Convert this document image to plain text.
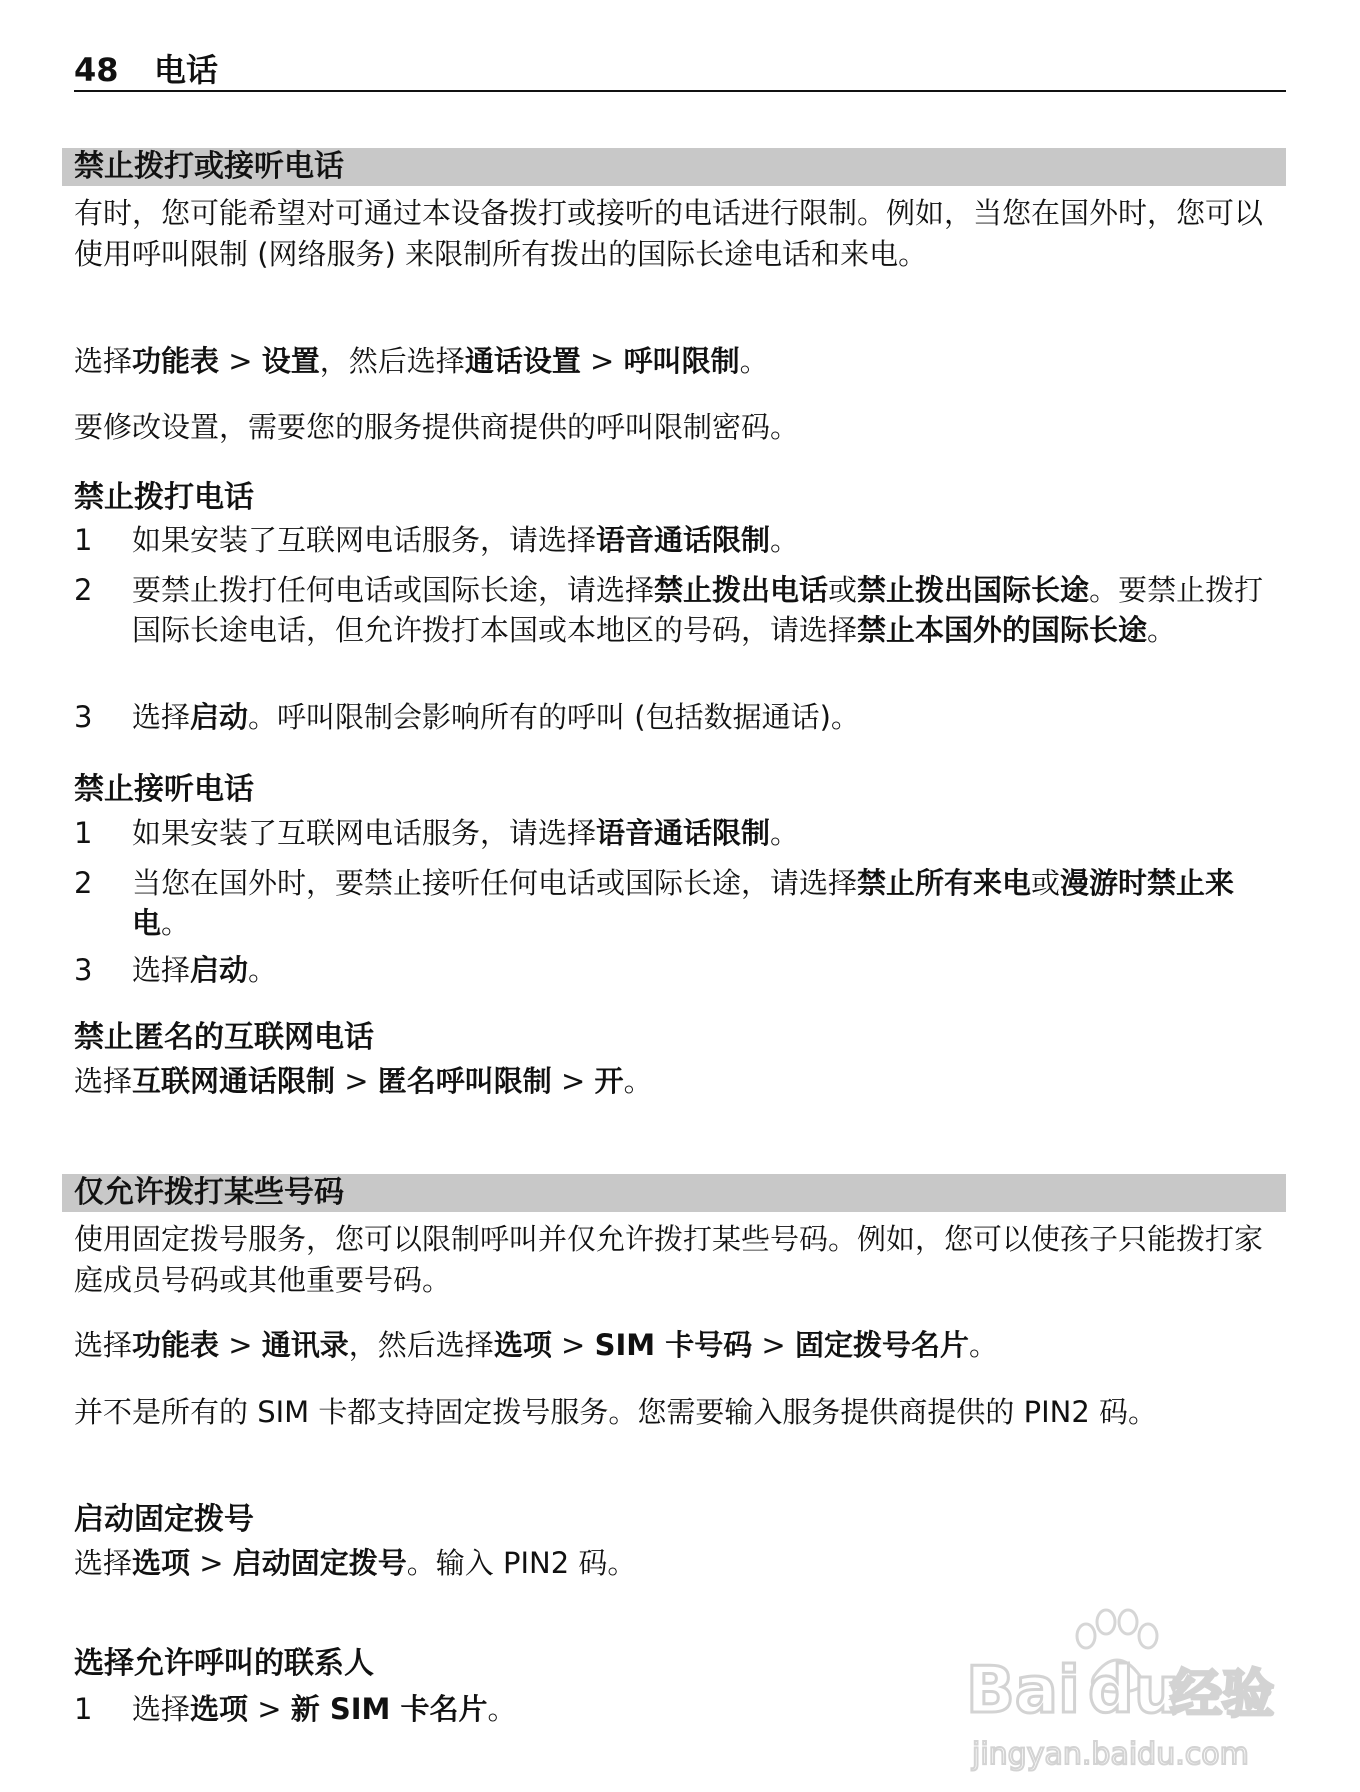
48 电话
禁止拨打或接听电话

有时，您可能希望对可通过本设备拨打或接听的电话进行限制。例如，当您在国外时，您可以使用呼叫限制 (网络服务) 来限制所有拨出的国际长途电话和来电。

选择功能表 > 设置，然后选择通话设置 > 呼叫限制。

要修改设置，需要您的服务提供商提供的呼叫限制密码。

禁止拨打电话

1	如果安装了互联网电话服务，请选择语音通话限制。
2	要禁止拨打任何电话或国际长途，请选择禁止拨出电话或禁止拨出国际长途。要禁止拨打国际长途电话，但允许拨打本国或本地区的号码，请选择禁止本国外的国际长途。
3	选择启动。呼叫限制会影响所有的呼叫 (包括数据通话)。

禁止接听电话

1	如果安装了互联网电话服务，请选择语音通话限制。
2	当您在国外时，要禁止接听任何电话或国际长途，请选择禁止所有来电或漫游时禁止来电。
3	选择启动。

禁止匿名的互联网电话

选择互联网通话限制 > 匿名呼叫限制 > 开。

仅允许拨打某些号码

使用固定拨号服务，您可以限制呼叫并仅允许拨打某些号码。例如，您可以使孩子只能拨打家庭成员号码或其他重要号码。

选择功能表 > 通讯录，然后选择选项 > SIM 卡号码 > 固定拨号名片。

并不是所有的 SIM 卡都支持固定拨号服务。您需要输入服务提供商提供的 PIN2 码。

启动固定拨号

选择选项 > 启动固定拨号。输入 PIN2 码。

选择允许呼叫的联系人

1	选择选项 > 新 SIM 卡名片。	Bai du
经验
jingyan.baidu.com
